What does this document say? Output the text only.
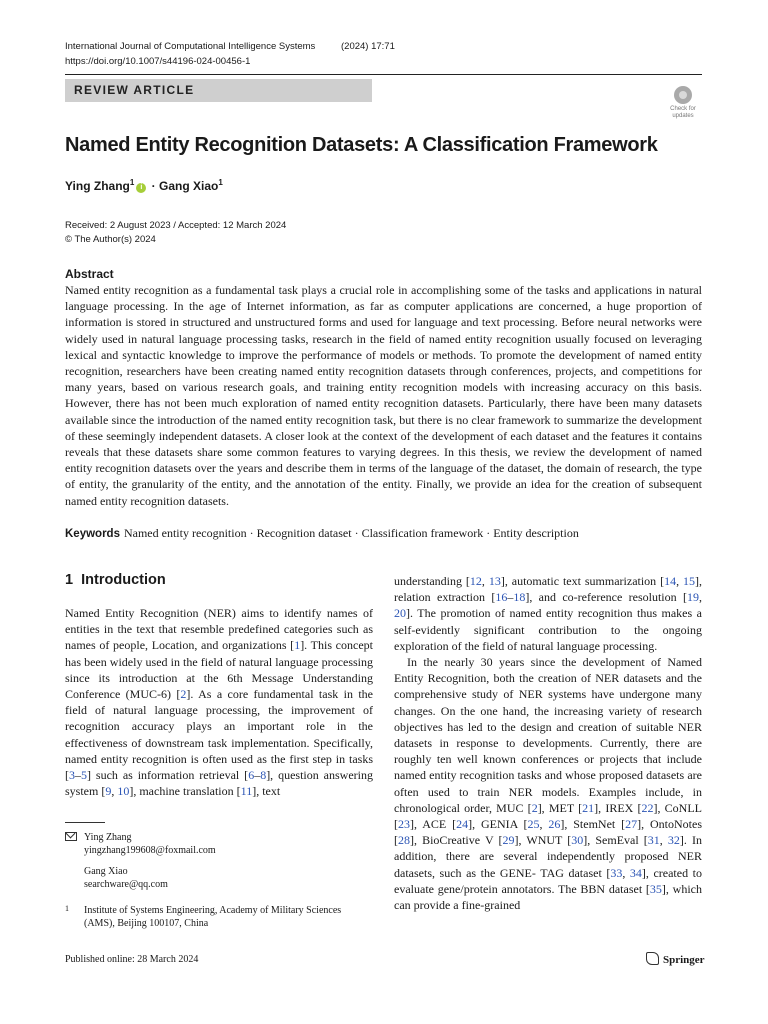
International Journal of Computational Intelligence Systems	(2024) 17:71
https://doi.org/10.1007/s44196-024-00456-1
REVIEW ARTICLE
Check for updates
Named Entity Recognition Datasets: A Classification Framework
Ying Zhang$^1$i · Gang Xiao$^1$
Received: 2 August 2023 / Accepted: 12 March 2024
© The Author(s) 2024
Abstract
Named entity recognition as a fundamental task plays a crucial role in accomplishing some of the tasks and applications in natural language processing. In the age of Internet information, as far as computer applications are concerned, a huge proportion of information is stored in structured and unstructured forms and used for language and text processing. Before neural networks were widely used in natural language processing tasks, research in the field of named entity recognition usually focused on leveraging lexical and syntactic knowledge to improve the performance of models or methods. To promote the development of named entity recognition, researchers have been creating named entity recognition datasets through conferences, projects, and competitions for many years, based on various research goals, and training entity recognition models with increasing accuracy on this basis. However, there has not been much exploration of named entity recognition datasets. Particularly, there have been many datasets available since the introduction of the named entity recognition task, but there is no clear framework to summarize the development of these seemingly independent datasets. A closer look at the context of the development of each dataset and the features it contains reveals that these datasets share some common features to varying degrees. In this thesis, we review the development of named entity recognition datasets over the years and describe them in terms of the language of the dataset, the domain of research, the type of entity, the granularity of the entity, and the annotation of the entity. Finally, we provide an idea for the creation of subsequent named entity recognition datasets.
Keywords Named entity recognition · Recognition dataset · Classification framework · Entity description
1 Introduction

Named Entity Recognition (NER) aims to identify names of entities in the text that resemble predefined categories such as names of people, Location, and organizations [1]. This concept has been widely used in the field of natural language processing since its introduction at the 6th Message Understanding Conference (MUC-6) [2]. As a core fundamental task in the field of natural language processing, the improvement of recognition accuracy plays an important role in the effectiveness of downstream task implementation. Specifically, named entity recognition is often used as the first step in tasks [3–5] such as information retrieval [6–8], question answering system [9, 10], machine translation [11], text

understanding [12, 13], automatic text summarization [14, 15], relation extraction [16–18], and co-reference resolution [19, 20]. The promotion of named entity recognition thus makes a self-evidently significant contribution to the ongoing exploration of the field of natural language processing.

In the nearly 30 years since the development of Named Entity Recognition, both the creation of NER datasets and the comprehensive study of NER systems have undergone many changes. On the one hand, the increasing variety of research objectives has led to the design and creation of suitable NER datasets in response to developments. Currently, there are roughly ten well known conferences or projects that include named entity recognition tasks and whose proposed datasets are often used to train NER models. Examples include, in chronological order, MUC [2], MET [21], IREX [22], CoNLL [23], ACE [24], GENIA [25, 26], StemNet [27], OntoNotes [28], BioCreative V [29], WNUT [30], SemEval [31, 32]. In addition, there are several independently proposed NER datasets, such as the GENE- TAG dataset [33, 34], created to evaluate gene/protein annotators. The BBN dataset [35], which can provide a fine-grained

Ying Zhang
yingzhang199608@foxmail.com
Gang Xiao
searchware@qq.com
1 Institute of Systems Engineering, Academy of Military Sciences (AMS), Beijing 100107, China
Published online: 28 March 2024	Springer
